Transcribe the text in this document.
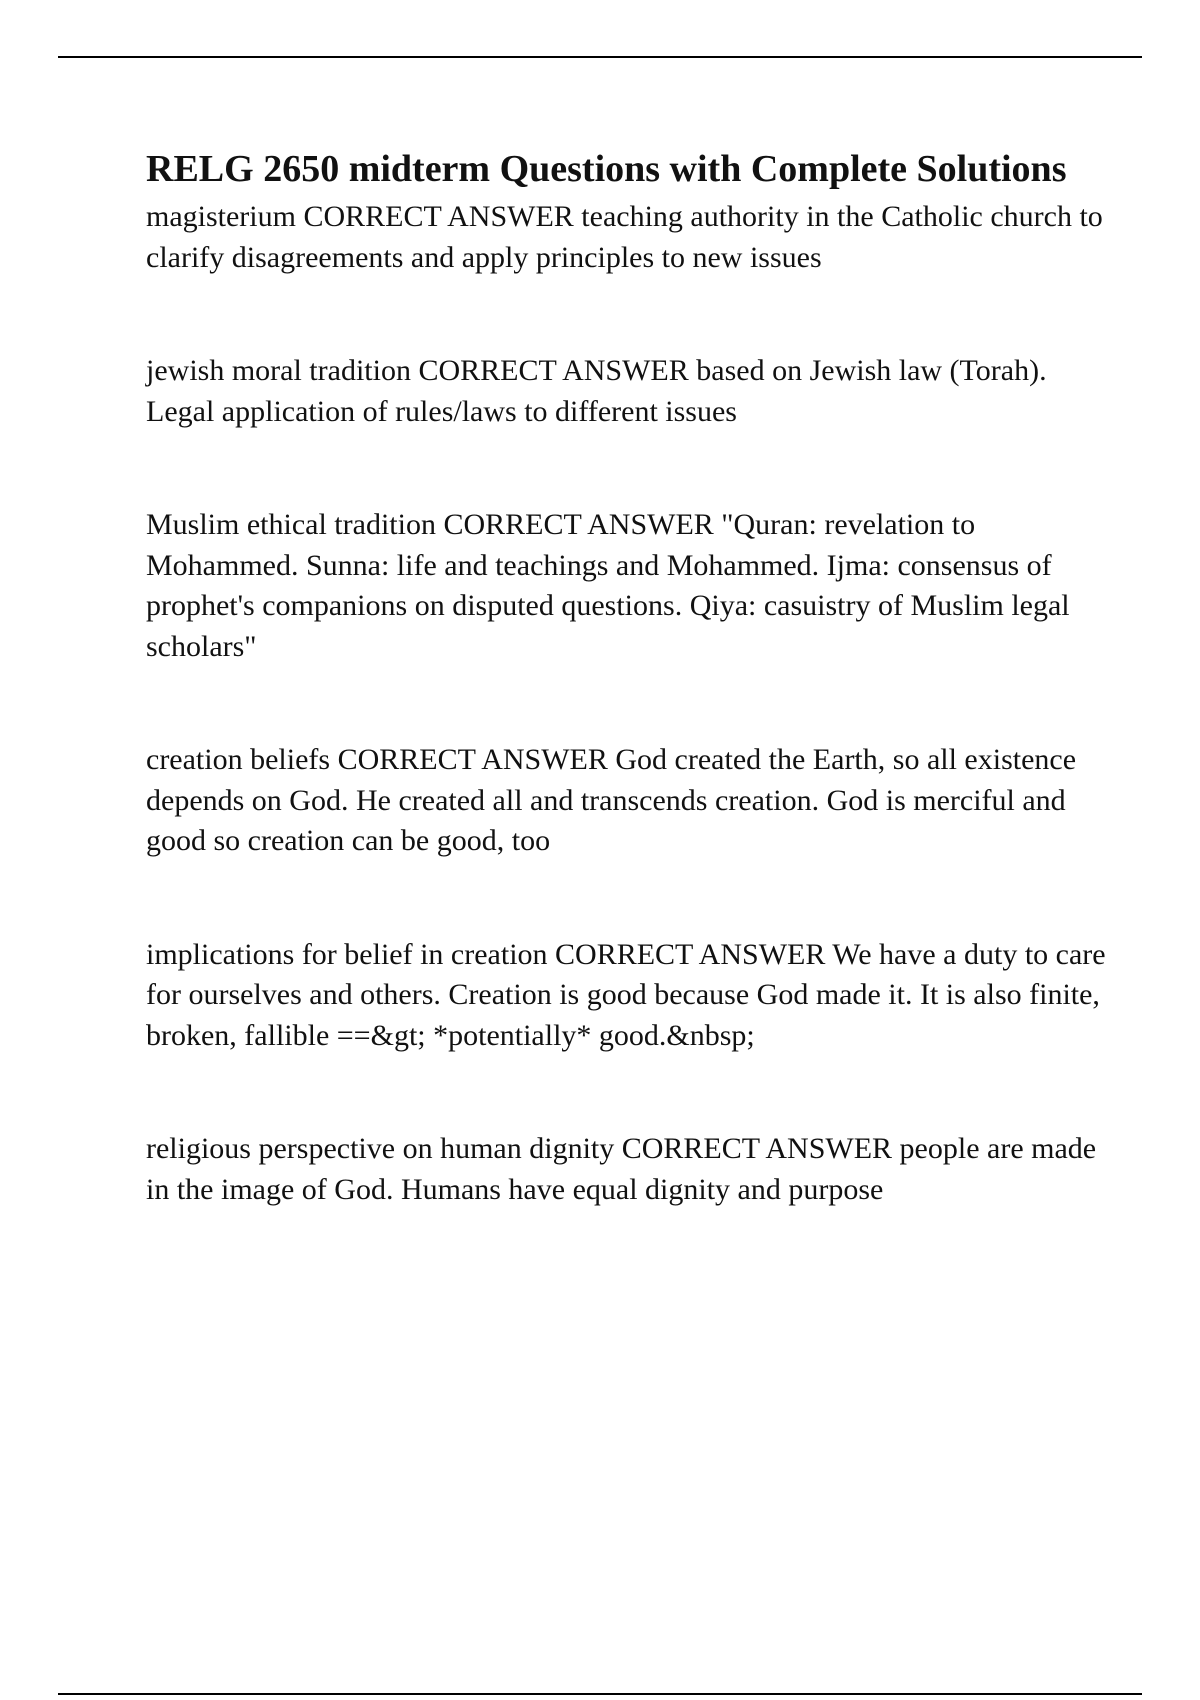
RELG 2650 midterm Questions with Complete Solutions
magisterium CORRECT ANSWER teaching authority in the Catholic church to clarify disagreements and apply principles to new issues
jewish moral tradition CORRECT ANSWER based on Jewish law (Torah). Legal application of rules/laws to different issues
Muslim ethical tradition CORRECT ANSWER "Quran: revelation to Mohammed. Sunna: life and teachings and Mohammed. Ijma: consensus of prophet's companions on disputed questions. Qiya: casuistry of Muslim legal scholars"
creation beliefs CORRECT ANSWER God created the Earth, so all existence depends on God. He created all and transcends creation. God is merciful and good so creation can be good, too
implications for belief in creation CORRECT ANSWER We have a duty to care for ourselves and others. Creation is good because God made it. It is also finite, broken, fallible ==&gt; *potentially* good.&nbsp;
religious perspective on human dignity CORRECT ANSWER people are made in the image of God. Humans have equal dignity and purpose
